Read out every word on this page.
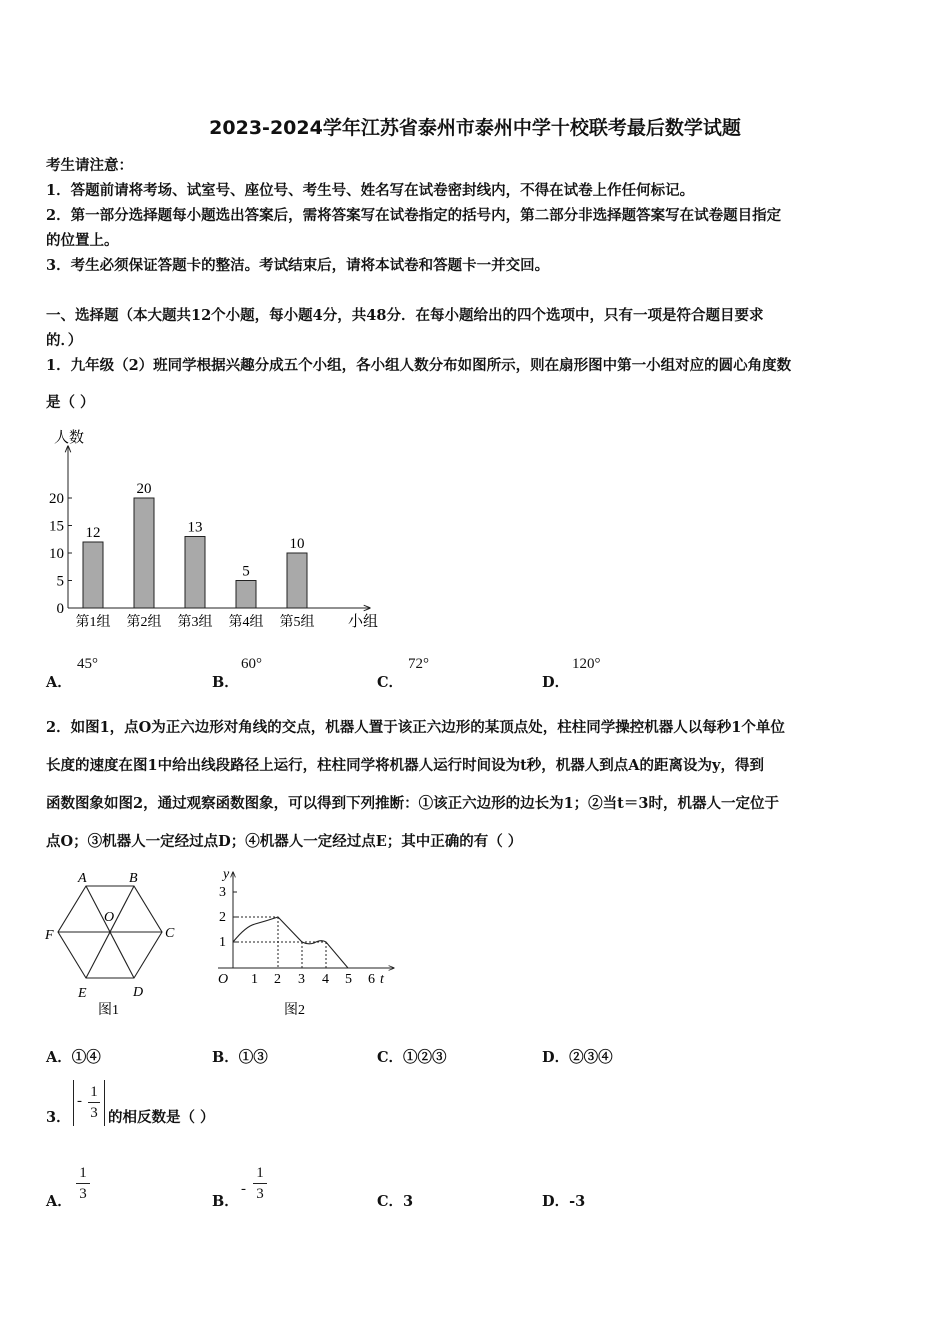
2023-2024学年江苏省泰州市泰州中学十校联考最后数学试题
考生请注意：
1．答题前请将考场、试室号、座位号、考生号、姓名写在试卷密封线内，不得在试卷上作任何标记。
2．第一部分选择题每小题选出答案后，需将答案写在试卷指定的括号内，第二部分非选择题答案写在试卷题目指定
的位置上。
3．考生必须保证答题卡的整洁。考试结束后，请将本试卷和答题卡一并交回。
一、选择题（本大题共12个小题，每小题4分，共48分．在每小题给出的四个选项中，只有一项是符合题目要求
的．）
1．九年级（2）班同学根据兴趣分成五个小组，各小组人数分布如图所示，则在扇形图中第一小组对应的圆心角度数
是（ ）
人数
小组
0
5
10
15
20
12
第1组
20
第2组
13
第3组
5
第4组
10
第5组
A．
45°
B．
60°
C．
72°
D．
120°
2．如图1，点O为正六边形对角线的交点，机器人置于该正六边形的某顶点处，柱柱同学操控机器人以每秒1个单位
长度的速度在图1中给出线段路径上运行，柱柱同学将机器人运行时间设为t秒，机器人到点A的距离设为y，得到
函数图象如图2，通过观察函数图象，可以得到下列推断：①该正六边形的边长为1；②当t＝3时，机器人一定位于
点O；③机器人一定经过点D；④机器人一定经过点E；其中正确的有（ ）
A	B
C
D
E
F
O
图1
3
2
1
O 1 2 3 4 5 6 t
y
图2
A．①④	B．①③	C．①②③	D．②③④
3．
-
1
3 的相反数是（ ）
A．
1
3	B．
-
1
3	C．3	D．-3
